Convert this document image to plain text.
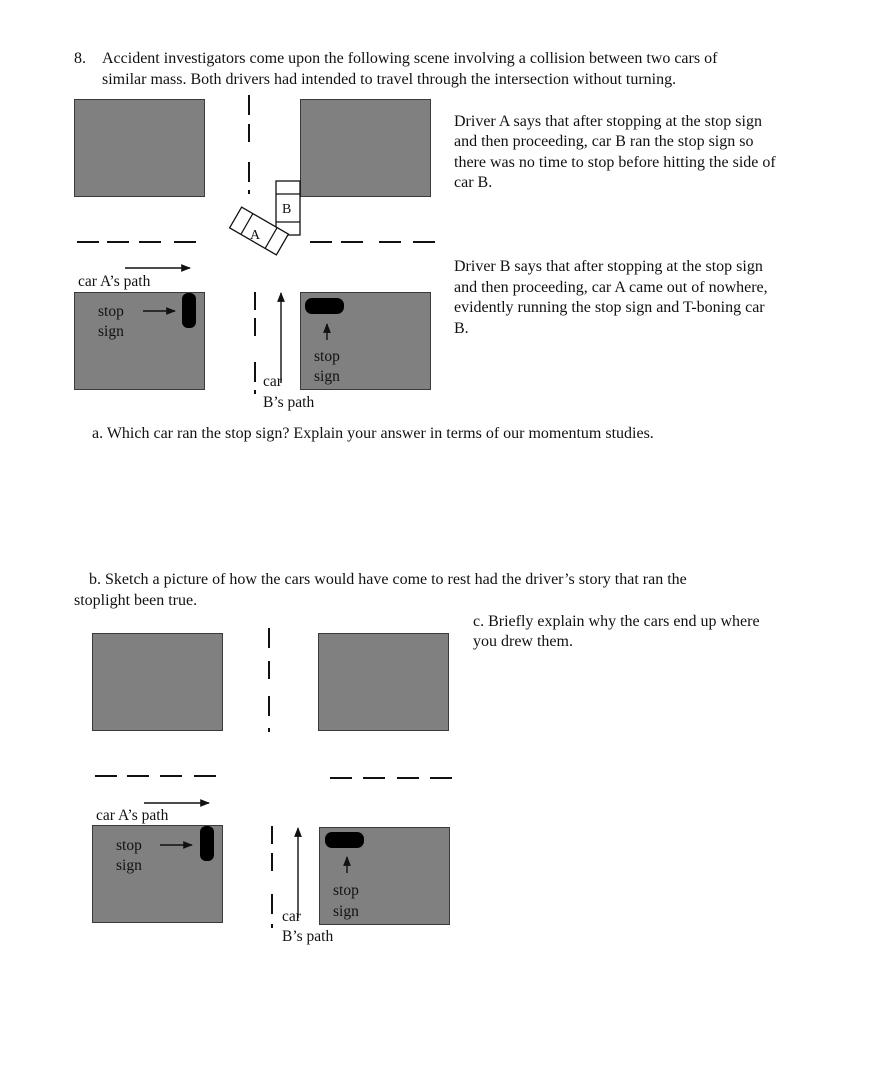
8. Accident investigators come upon the following scene involving a collision between two cars of
similar mass. Both drivers had intended to travel through the intersection without turning.
B
A
car A’s path
stop
sign
stop
sign
car
B’s path
Driver A says that after stopping at the stop sign
and then proceeding, car B ran the stop sign so
there was no time to stop before hitting the side of
car B.
Driver B says that after stopping at the stop sign
and then proceeding, car A came out of nowhere,
evidently running the stop sign and T-boning car
B.
a. Which car ran the stop sign? Explain your answer in terms of our momentum studies.
b. Sketch a picture of how the cars would have come to rest had the driver’s story that ran the
stoplight been true.
c. Briefly explain why the cars end up where
you drew them.
car A’s path
stop
sign
stop
sign
car
B’s path
